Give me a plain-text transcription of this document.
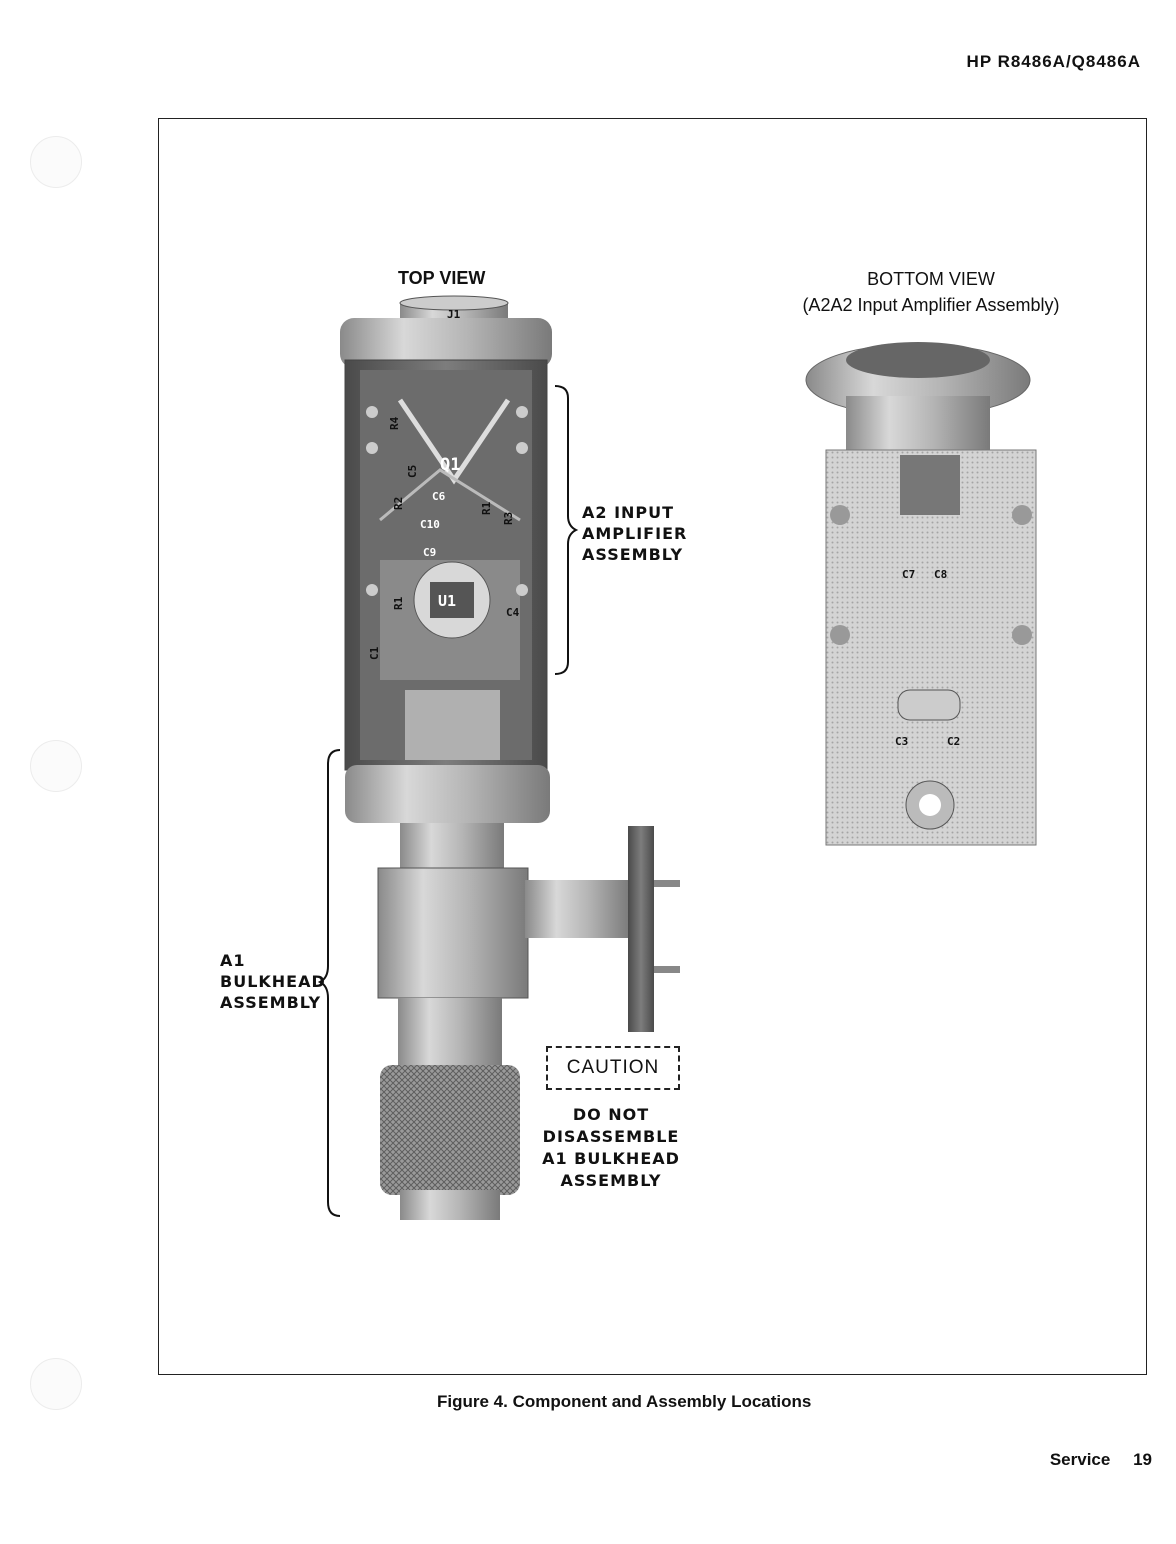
HP R8486A/Q8486A
J1
R4
C5 Q1
C6
R2	R1
R3
C10
C9
R1 U1
C4
C1
C7 C8
C3	C2
TOP VIEW
A2 INPUT
AMPLIFIER
ASSEMBLY
A1
BULKHEAD
ASSEMBLY
BOTTOM VIEW
(A2A2 Input Amplifier Assembly)
CAUTION
DO NOT
DISASSEMBLE
A1 BULKHEAD
ASSEMBLY
Figure 4. Component and Assembly Locations
Service 19
